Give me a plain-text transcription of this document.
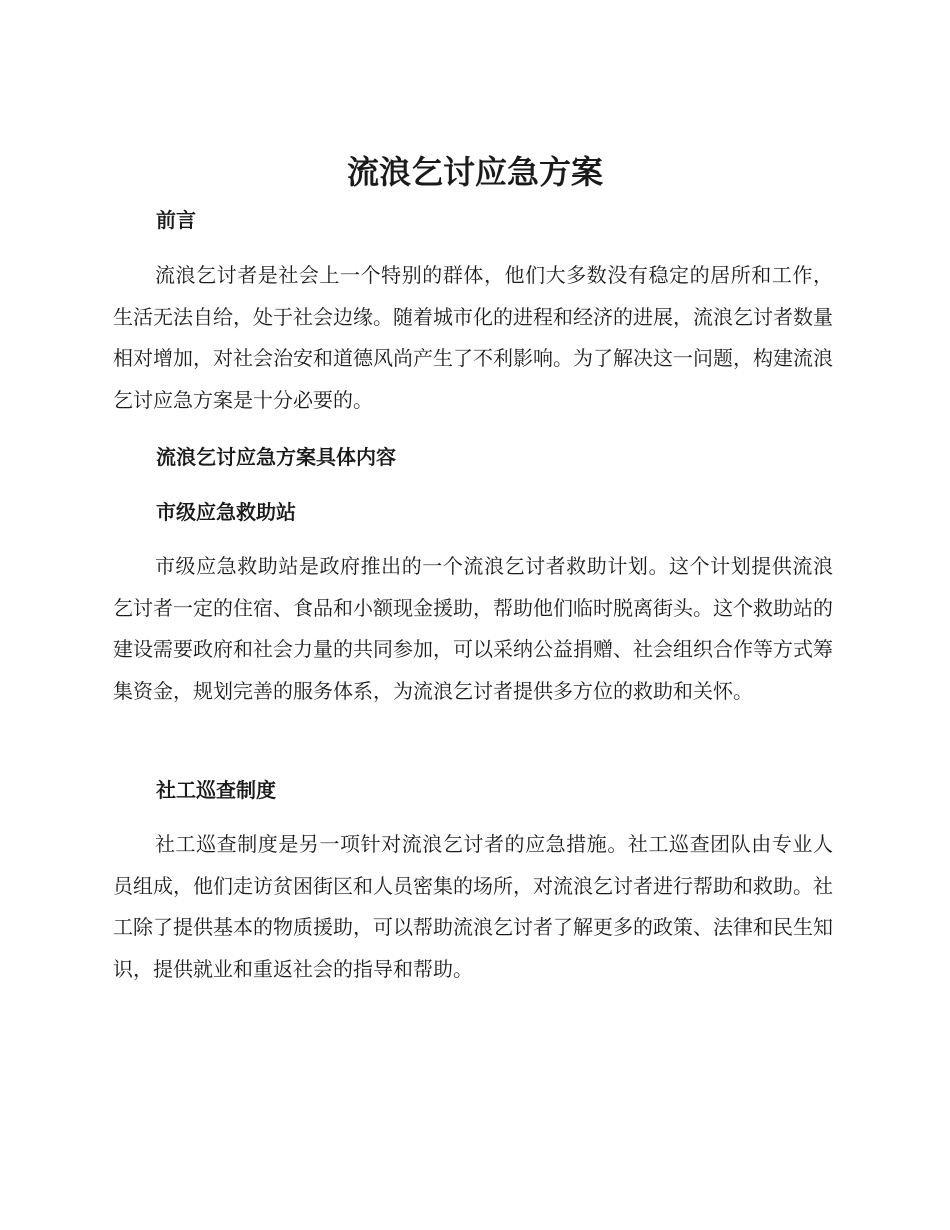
流浪乞讨应急方案
前言

流浪乞讨者是社会上一个特别的群体，他们大多数没有稳定的居所和工作，生活无法自给，处于社会边缘。随着城市化的进程和经济的进展，流浪乞讨者数量相对增加，对社会治安和道德风尚产生了不利影响。为了解决这一问题，构建流浪乞讨应急方案是十分必要的。

流浪乞讨应急方案具体内容
市级应急救助站

市级应急救助站是政府推出的一个流浪乞讨者救助计划。这个计划提供流浪乞讨者一定的住宿、食品和小额现金援助，帮助他们临时脱离街头。这个救助站的建设需要政府和社会力量的共同参加，可以采纳公益捐赠、社会组织合作等方式筹集资金，规划完善的服务体系，为流浪乞讨者提供多方位的救助和关怀。

社工巡查制度

社工巡查制度是另一项针对流浪乞讨者的应急措施。社工巡查团队由专业人员组成，他们走访贫困街区和人员密集的场所，对流浪乞讨者进行帮助和救助。社工除了提供基本的物质援助，可以帮助流浪乞讨者了解更多的政策、法律和民生知识，提供就业和重返社会的指导和帮助。
